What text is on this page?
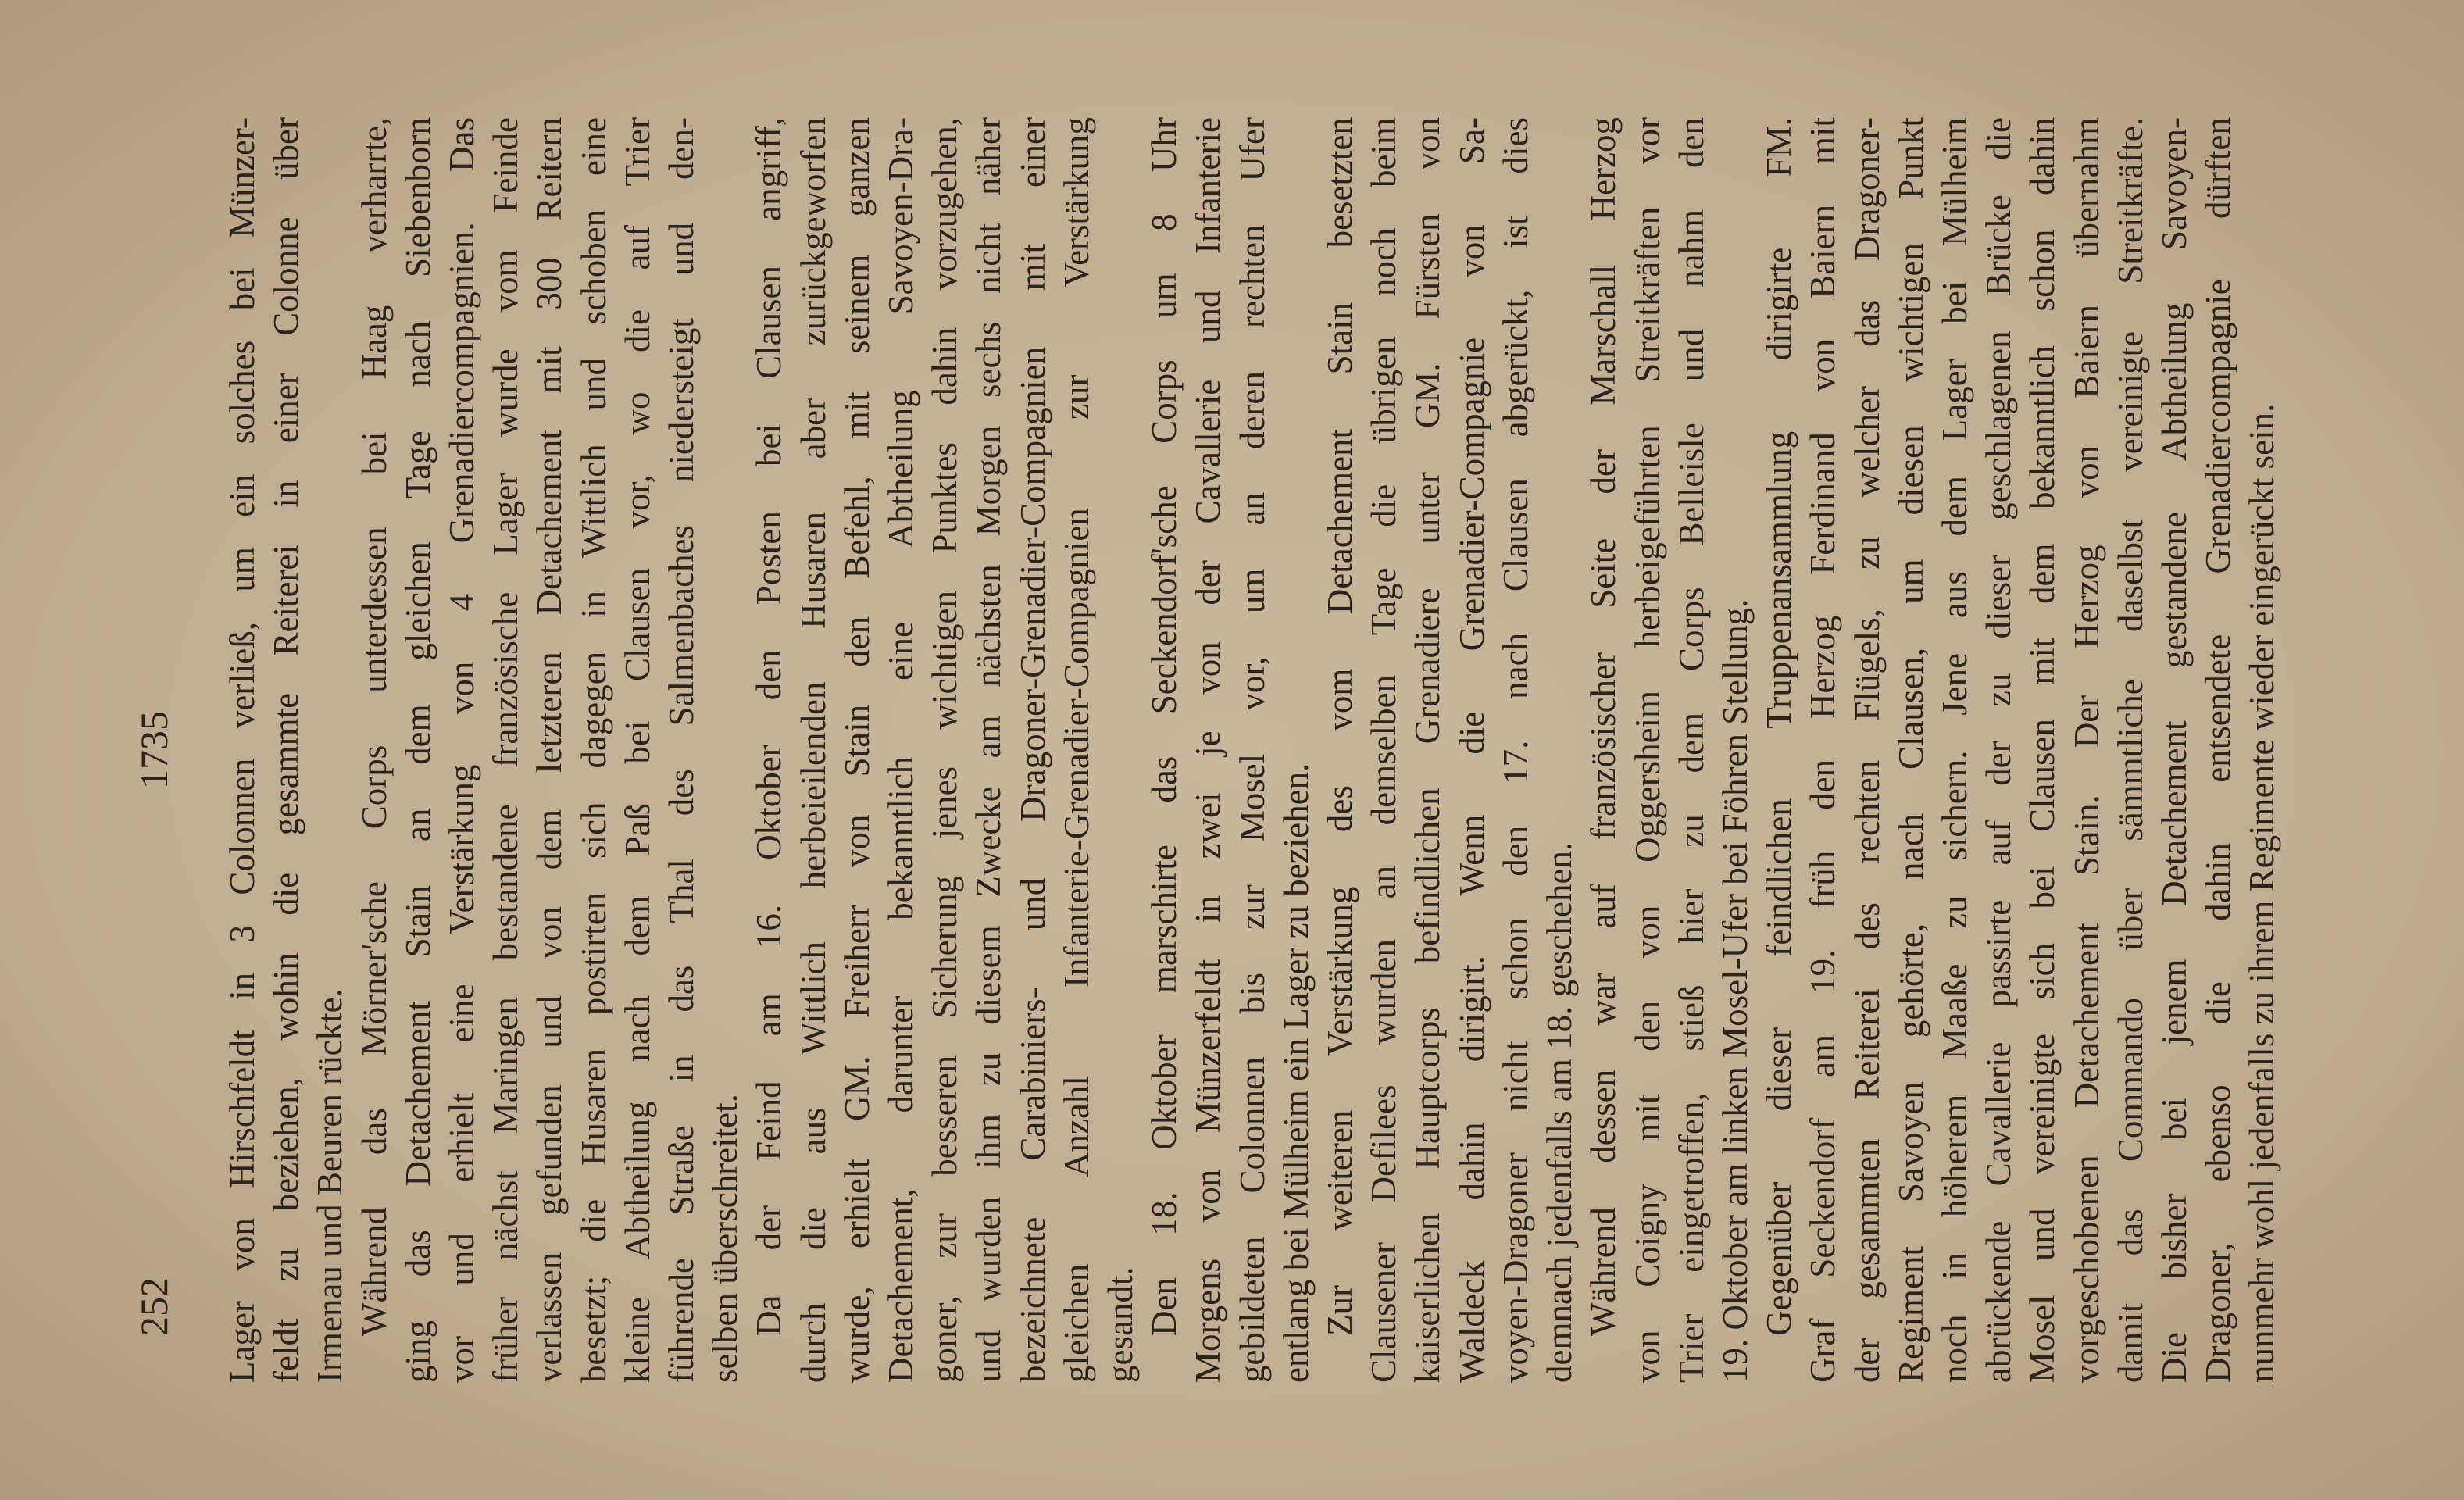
252
1735 Lager von Hirschfeldt in 3 Colonnen verließ, um ein solches bei Münzer- feldt zu beziehen, wohin die gesammte Reiterei in einer Colonne über Irmenau und Beuren rückte. Während das Mörner'sche Corps unterdessen bei Haag verharrte, ging das Detachement Stain an dem gleichen Tage nach Siebenborn vor und erhielt eine Verstärkung von 4 Grenadiercompagnien. Das früher nächst Maringen bestandene französische Lager wurde vom Feinde verlassen gefunden und von dem letzteren Detachement mit 300 Reitern besetzt; die Husaren postirten sich dagegen in Wittlich und schoben eine kleine Abtheilung nach dem Paß bei Clausen vor, wo die auf Trier führende Straße in das Thal des Salmenbaches niedersteigt und den- selben überschreitet. Da der Feind am 16. Oktober den Posten bei Clausen angriff, durch die aus Wittlich herbeieilenden Husaren aber zurückgeworfen wurde, erhielt GM. Freiherr von Stain den Befehl, mit seinem ganzen Detachement, darunter bekanntlich eine Abtheilung Savoyen-Dra- goner, zur besseren Sicherung jenes wichtigen Punktes dahin vorzugehen, und wurden ihm zu diesem Zwecke am nächsten Morgen sechs nicht näher bezeichnete Carabiniers- und Dragoner-Grenadier-Compagnien mit einer gleichen Anzahl Infanterie-Grenadier-Compagnien zur Verstärkung gesandt. Den 18. Oktober marschirte das Seckendorf'sche Corps um 8 Uhr Morgens von Münzerfeldt in zwei je von der Cavallerie und Infanterie gebildeten Colonnen bis zur Mosel vor, um an deren rechten Ufer entlang bei Mülheim ein Lager zu beziehen. Zur weiteren Verstärkung des vom Detachement Stain besetzten Clausener Defilees wurden an demselben Tage die übrigen noch beim kaiserlichen Hauptcorps befindlichen Grenadiere unter GM. Fürsten von Waldeck dahin dirigirt. Wenn die Grenadier-Compagnie von Sa- voyen-Dragoner nicht schon den 17. nach Clausen abgerückt, ist dies demnach jedenfalls am 18. geschehen. Während dessen war auf französischer Seite der Marschall Herzog von Coigny mit den von Oggersheim herbeigeführten Streitkräften vor Trier eingetroffen, stieß hier zu dem Corps Belleisle und nahm den 19. Oktober am linken Mosel-Ufer bei Föhren Stellung. Gegenüber dieser feindlichen Truppenansammlung dirigirte FM. Graf Seckendorf am 19. früh den Herzog Ferdinand von Baiern mit der gesammten Reiterei des rechten Flügels, zu welcher das Dragoner- Regiment Savoyen gehörte, nach Clausen, um diesen wichtigen Punkt noch in höherem Maaße zu sichern. Jene aus dem Lager bei Mülheim abrückende Cavallerie passirte auf der zu dieser geschlagenen Brücke die Mosel und vereinigte sich bei Clausen mit dem bekanntlich schon dahin vorgeschobenen Detachement Stain. Der Herzog von Baiern übernahm damit das Commando über sämmtliche daselbst vereinigte Streitkräfte. Die bisher bei jenem Detachement gestandene Abtheilung Savoyen- Dragoner, ebenso die dahin entsendete Grenadiercompagnie dürften nunmehr wohl jedenfalls zu ihrem Regimente wieder eingerückt sein.
